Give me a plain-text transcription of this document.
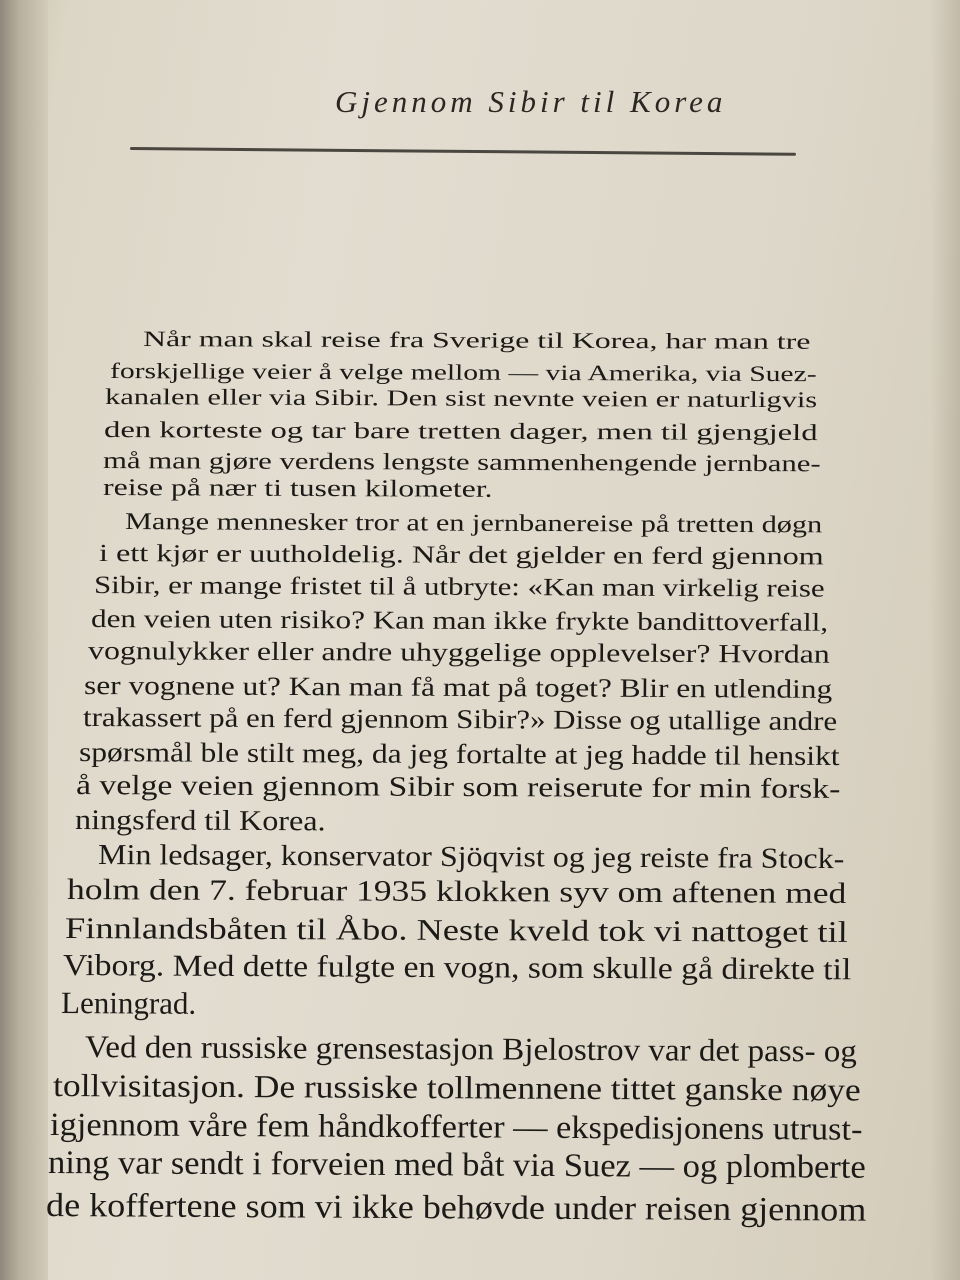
Gjennom Sibir til Korea
Når man skal reise fra Sverige til Korea, har man tre
forskjellige veier å velge mellom — via Amerika, via Suez-
kanalen eller via Sibir. Den sist nevnte veien er naturligvis
den korteste og tar bare tretten dager, men til gjengjeld
må man gjøre verdens lengste sammenhengende jernbane-
reise på nær ti tusen kilometer.
Mange mennesker tror at en jernbanereise på tretten døgn
i ett kjør er uutholdelig. Når det gjelder en ferd gjennom
Sibir, er mange fristet til å utbryte: «Kan man virkelig reise
den veien uten risiko? Kan man ikke frykte bandittoverfall,
vognulykker eller andre uhyggelige opplevelser? Hvordan
ser vognene ut? Kan man få mat på toget? Blir en utlending
trakassert på en ferd gjennom Sibir?» Disse og utallige andre
spørsmål ble stilt meg, da jeg fortalte at jeg hadde til hensikt
å velge veien gjennom Sibir som reiserute for min forsk-
ningsferd til Korea.
Min ledsager, konservator Sjöqvist og jeg reiste fra Stock-
holm den 7. februar 1935 klokken syv om aftenen med
Finnlandsbåten til Åbo. Neste kveld tok vi nattoget til
Viborg. Med dette fulgte en vogn, som skulle gå direkte til
Leningrad.
Ved den russiske grensestasjon Bjelostrov var det pass- og
tollvisitasjon. De russiske tollmennene tittet ganske nøye
igjennom våre fem håndkofferter — ekspedisjonens utrust-
ning var sendt i forveien med båt via Suez — og plomberte
de koffertene som vi ikke behøvde under reisen gjennom
